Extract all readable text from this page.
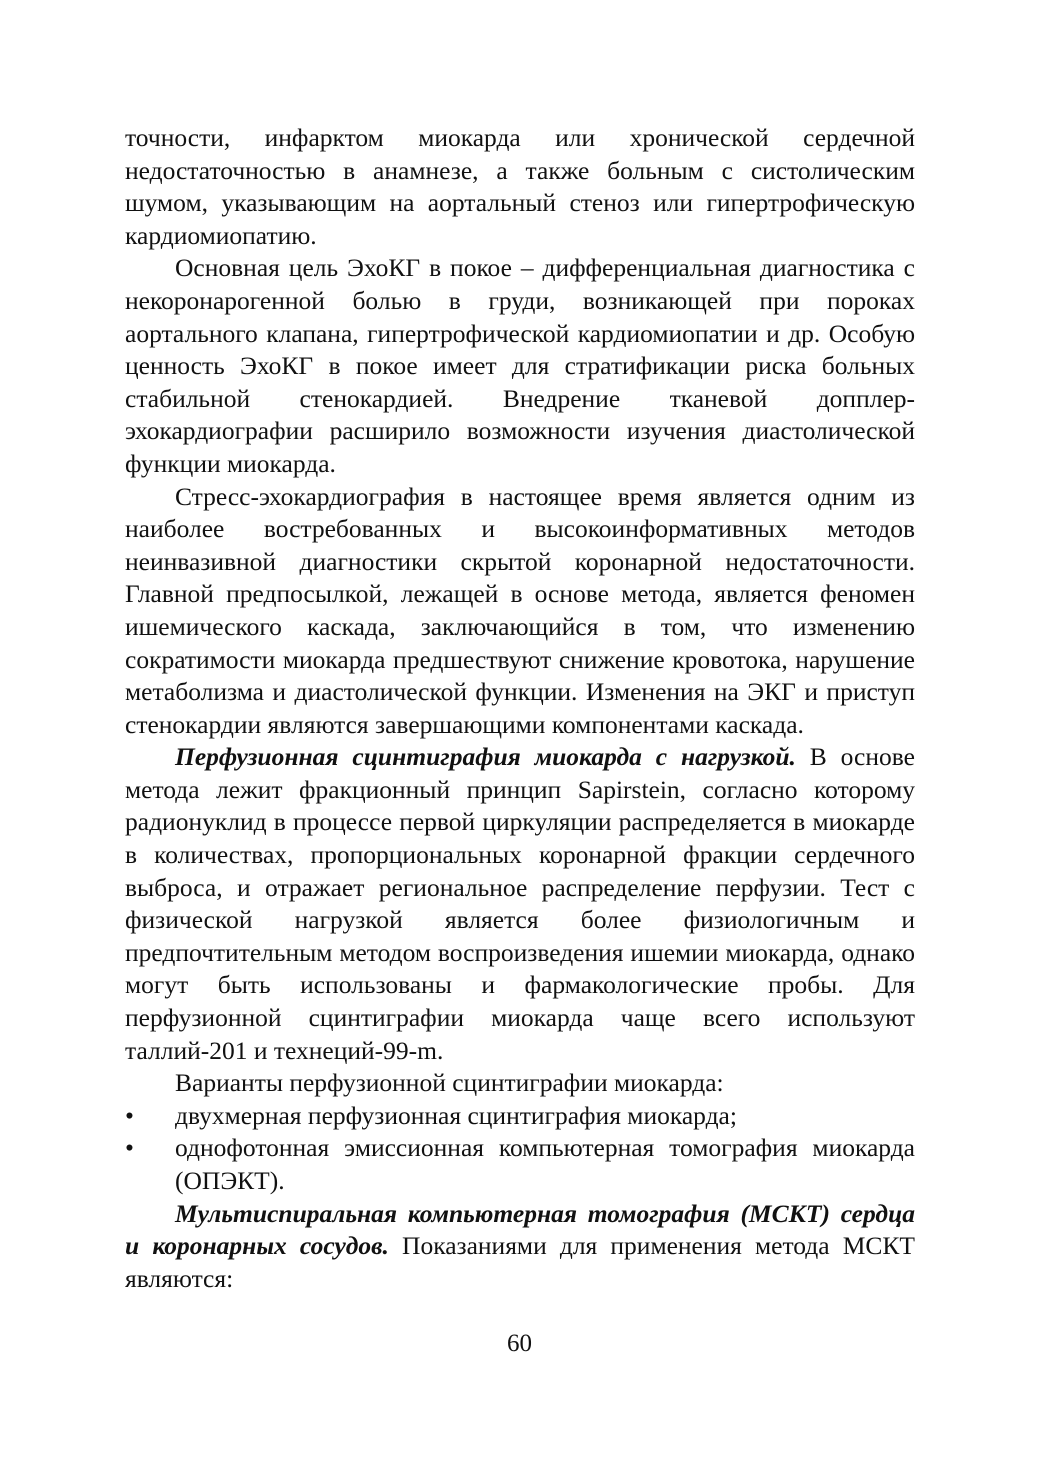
точности, инфарктом миокарда или хронической сердечной недостаточностью в анамнезе, а также больным с систолическим шумом, указывающим на аортальный стеноз или гипертрофическую кардиомиопатию.

Основная цель ЭхоКГ в покое – дифференциальная диагностика с некоронарогенной болью в груди, возникающей при пороках аортального клапана, гипертрофической кардиомиопатии и др. Особую ценность ЭхоКГ в покое имеет для стратификации риска больных стабильной стенокардией. Внедрение тканевой допплер-эхокардиографии расширило возможности изучения диастолической функции миокарда.

Стресс-эхокардиография в настоящее время является одним из наиболее востребованных и высокоинформативных методов неинвазивной диагностики скрытой коронарной недостаточности. Главной предпосылкой, лежащей в основе метода, является феномен ишемического каскада, заключающийся в том, что изменению сократимости миокарда предшествуют снижение кровотока, нарушение метаболизма и диастолической функции. Изменения на ЭКГ и приступ стенокардии являются завершающими компонентами каскада.

Перфузионная сцинтиграфия миокарда с нагрузкой. В основе метода лежит фракционный принцип Sapirstein, согласно которому радионуклид в процессе первой циркуляции распределяется в миокарде в количествах, пропорциональных коронарной фракции сердечного выброса, и отражает региональное распределение перфузии. Тест с физической нагрузкой является более физиологичным и предпочтительным методом воспроизведения ишемии миокарда, однако могут быть использованы и фармакологические пробы. Для перфузионной сцинтиграфии миокарда чаще всего используют таллий-201 и технеций-99-m.

Варианты перфузионной сцинтиграфии миокарда:

• двухмерная перфузионная сцинтиграфия миокарда;
• однофотонная эмиссионная компьютерная томография миокарда (ОПЭКТ).

Мультиспиральная компьютерная томография (МСКТ) сердца и коронарных сосудов. Показаниями для применения метода МСКТ являются:

60
